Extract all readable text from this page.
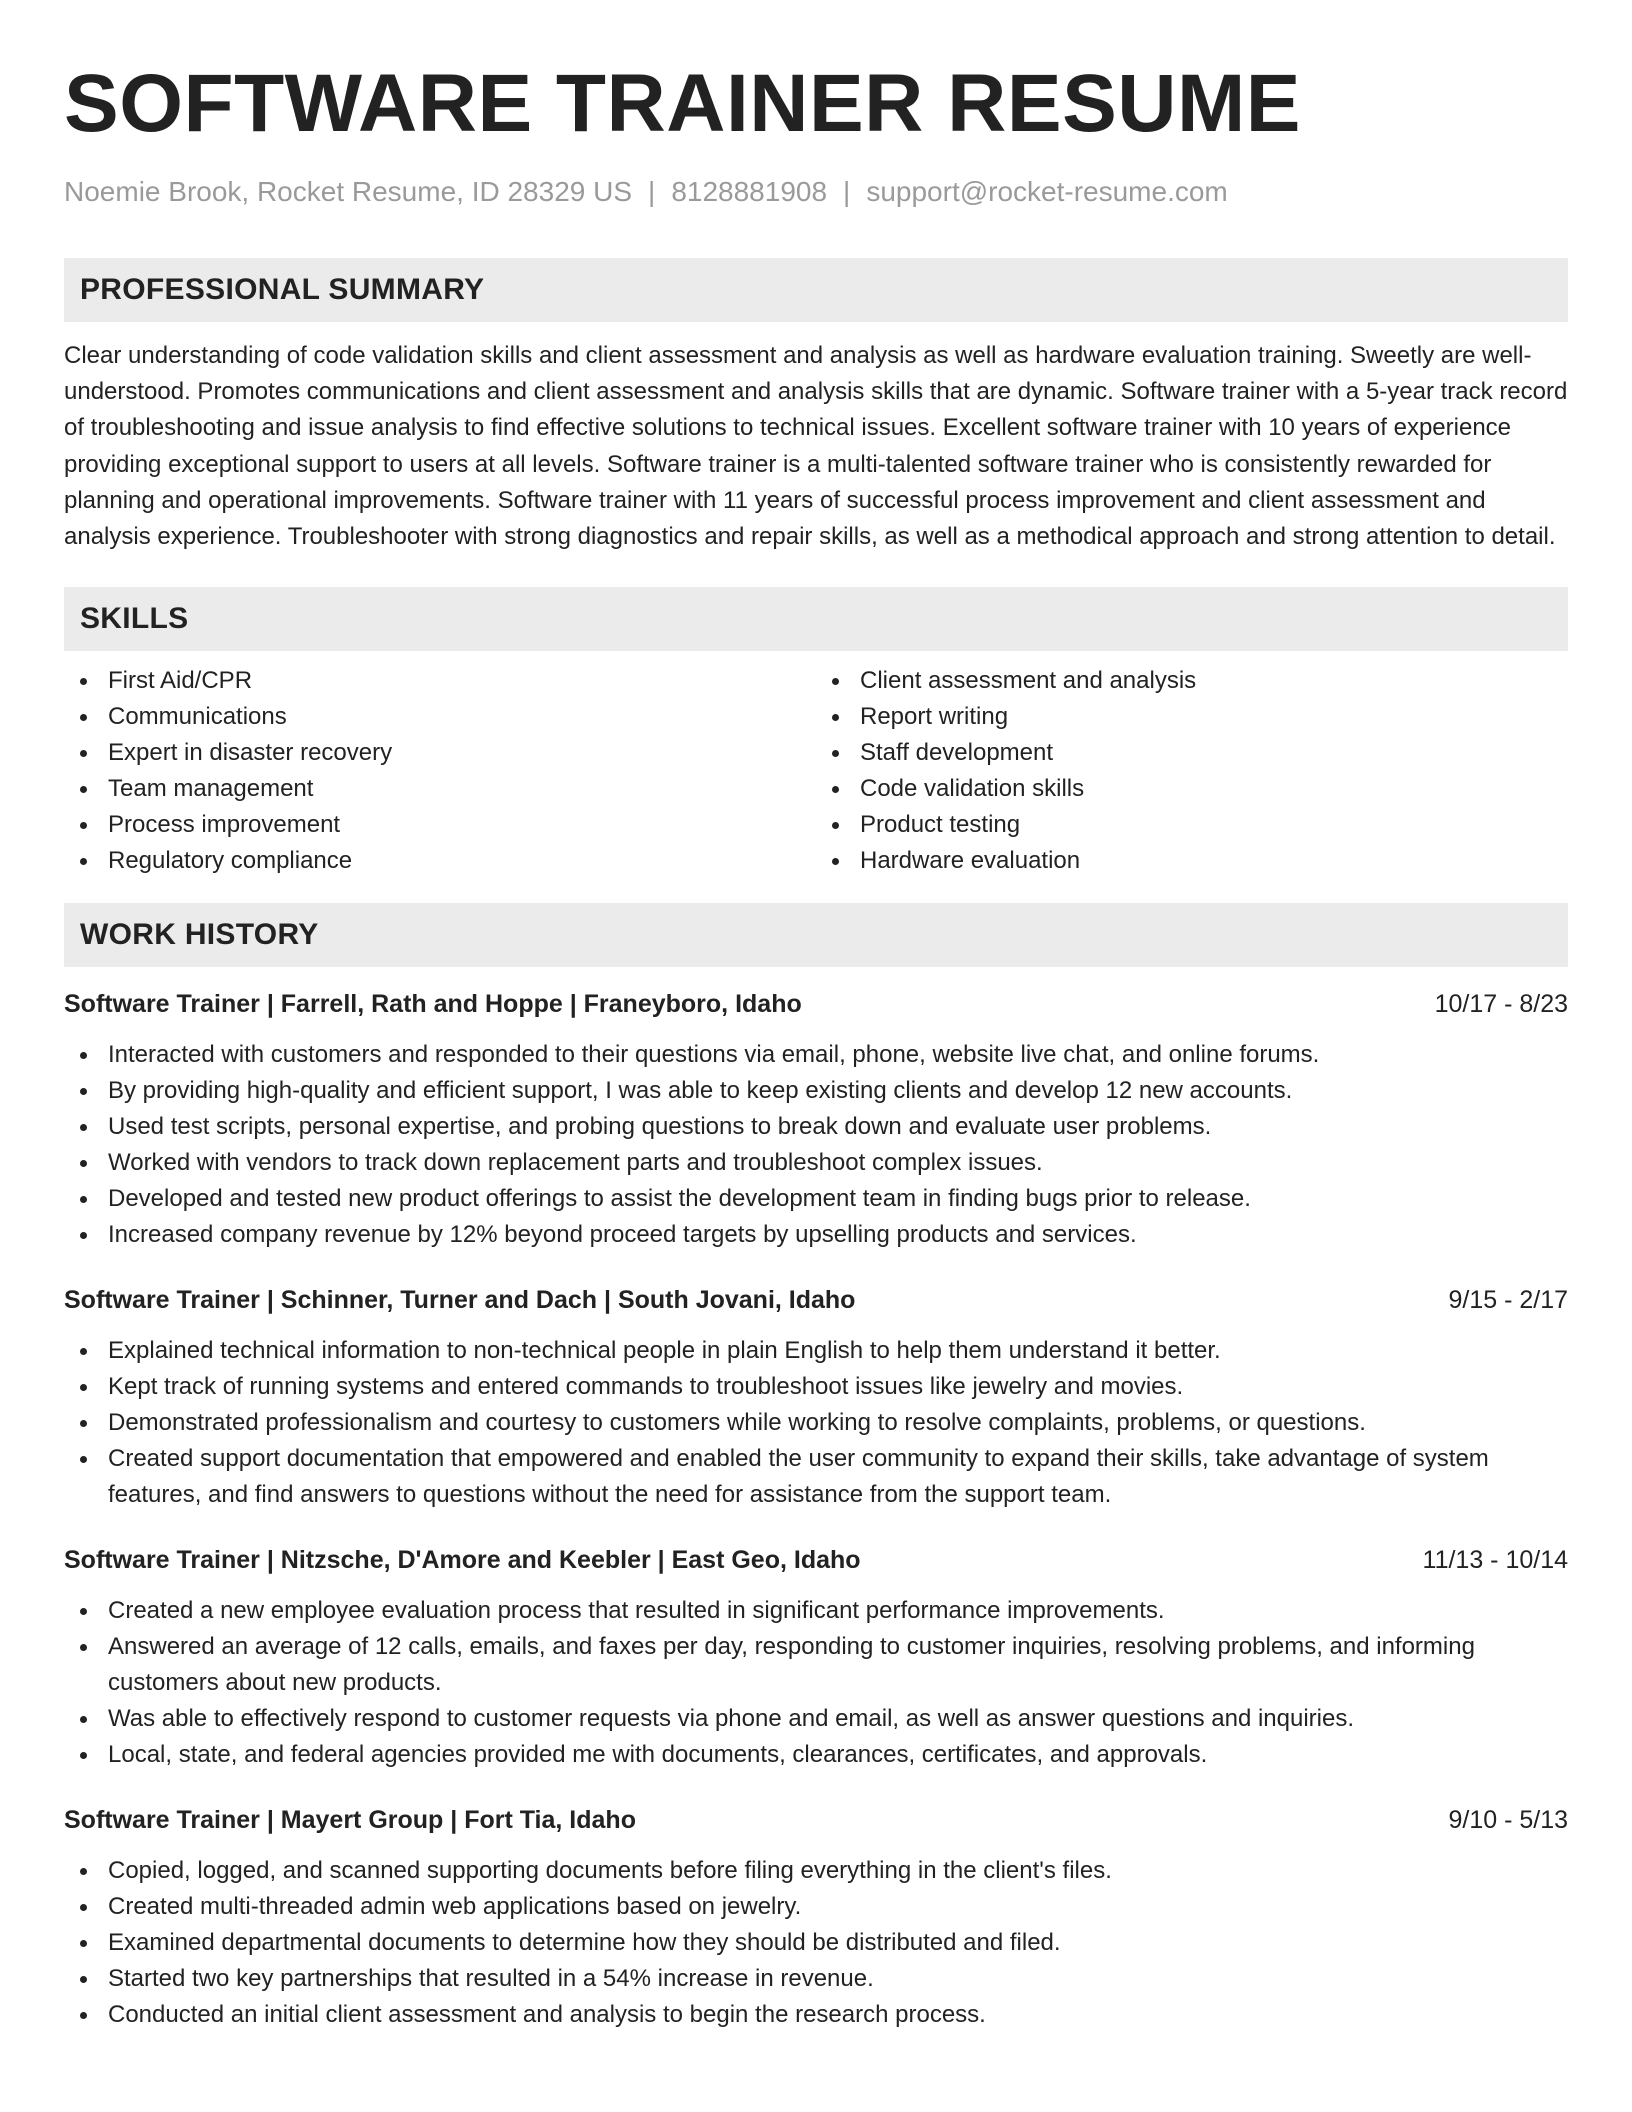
SOFTWARE TRAINER RESUME
Noemie Brook, Rocket Resume, ID 28329 US | 8128881908 | support@rocket-resume.com
PROFESSIONAL SUMMARY

Clear understanding of code validation skills and client assessment and analysis as well as hardware evaluation training. Sweetly are well-understood. Promotes communications and client assessment and analysis skills that are dynamic. Software trainer with a 5-year track record of troubleshooting and issue analysis to find effective solutions to technical issues. Excellent software trainer with 10 years of experience providing exceptional support to users at all levels. Software trainer is a multi-talented software trainer who is consistently rewarded for planning and operational improvements. Software trainer with 11 years of successful process improvement and client assessment and analysis experience. Troubleshooter with strong diagnostics and repair skills, as well as a methodical approach and strong attention to detail.

SKILLS
First Aid/CPR
Communications
Expert in disaster recovery
Team management
Process improvement
Regulatory compliance
Client assessment and analysis
Report writing
Staff development
Code validation skills
Product testing
Hardware evaluation
WORK HISTORY
Software Trainer | Farrell, Rath and Hoppe | Franeyboro, Idaho	10/17 - 8/23
Interacted with customers and responded to their questions via email, phone, website live chat, and online forums.
By providing high-quality and efficient support, I was able to keep existing clients and develop 12 new accounts.
Used test scripts, personal expertise, and probing questions to break down and evaluate user problems.
Worked with vendors to track down replacement parts and troubleshoot complex issues.
Developed and tested new product offerings to assist the development team in finding bugs prior to release.
Increased company revenue by 12% beyond proceed targets by upselling products and services.
Software Trainer | Schinner, Turner and Dach | South Jovani, Idaho	9/15 - 2/17
Explained technical information to non-technical people in plain English to help them understand it better.
Kept track of running systems and entered commands to troubleshoot issues like jewelry and movies.
Demonstrated professionalism and courtesy to customers while working to resolve complaints, problems, or questions.
Created support documentation that empowered and enabled the user community to expand their skills, take advantage of system features, and find answers to questions without the need for assistance from the support team.
Software Trainer | Nitzsche, D'Amore and Keebler | East Geo, Idaho	11/13 - 10/14
Created a new employee evaluation process that resulted in significant performance improvements.
Answered an average of 12 calls, emails, and faxes per day, responding to customer inquiries, resolving problems, and informing customers about new products.
Was able to effectively respond to customer requests via phone and email, as well as answer questions and inquiries.
Local, state, and federal agencies provided me with documents, clearances, certificates, and approvals.
Software Trainer | Mayert Group | Fort Tia, Idaho	9/10 - 5/13
Copied, logged, and scanned supporting documents before filing everything in the client's files.
Created multi-threaded admin web applications based on jewelry.
Examined departmental documents to determine how they should be distributed and filed.
Started two key partnerships that resulted in a 54% increase in revenue.
Conducted an initial client assessment and analysis to begin the research process.
